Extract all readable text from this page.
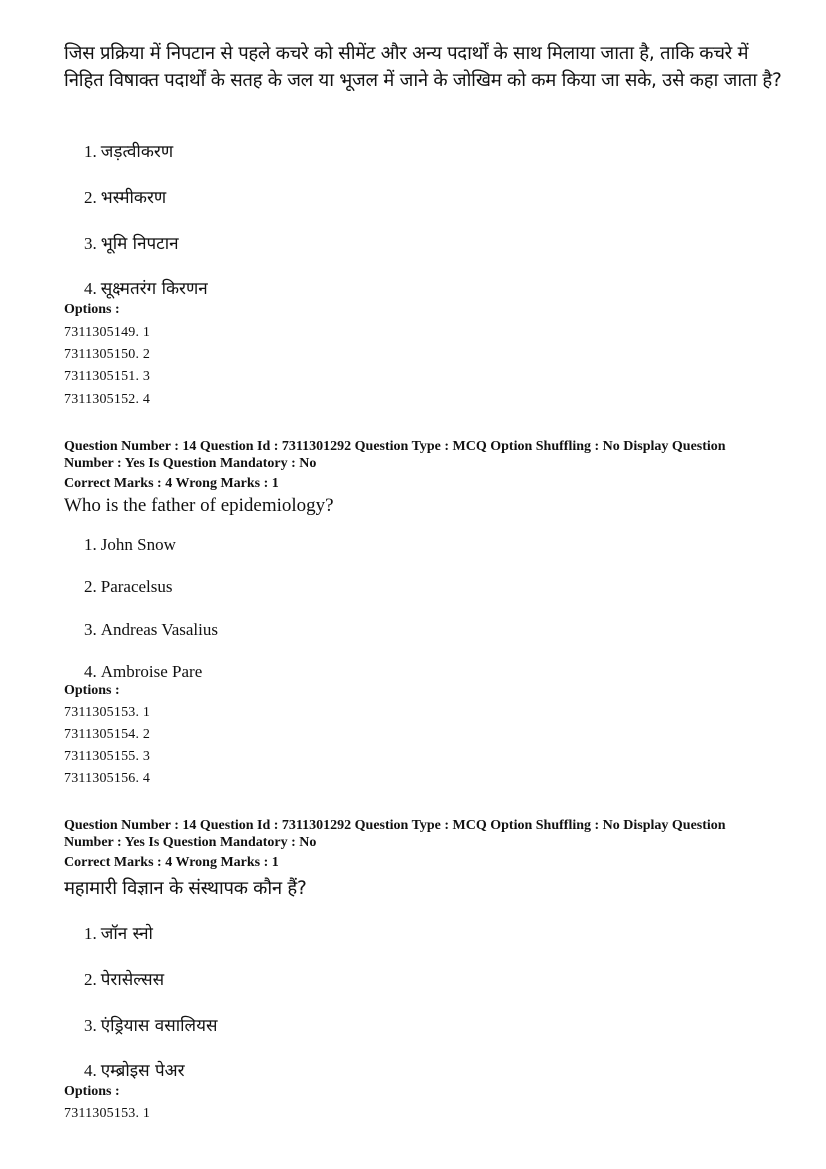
जिस प्रक्रिया में निपटान से पहले कचरे को सीमेंट और अन्य पदार्थों के साथ मिलाया जाता है, ताकि कचरे में निहित विषाक्त पदार्थों के सतह के जल या भूजल में जाने के जोखिम को कम किया जा सके, उसे कहा जाता है?
1. जड़त्वीकरण
2. भस्मीकरण
3. भूमि निपटान
4. सूक्ष्मतरंग किरणन
Options :
7311305149. 1
7311305150. 2
7311305151. 3
7311305152. 4
Question Number : 14 Question Id : 7311301292 Question Type : MCQ Option Shuffling : No Display Question
Number : Yes Is Question Mandatory : No
Correct Marks : 4 Wrong Marks : 1
Who is the father of epidemiology?
1. John Snow
2. Paracelsus
3. Andreas Vasalius
4. Ambroise Pare
Options :
7311305153. 1
7311305154. 2
7311305155. 3
7311305156. 4
Question Number : 14 Question Id : 7311301292 Question Type : MCQ Option Shuffling : No Display Question
Number : Yes Is Question Mandatory : No
Correct Marks : 4 Wrong Marks : 1
महामारी विज्ञान के संस्थापक कौन हैं?
1. जॉन स्नो
2. पेरासेल्सस
3. एंड्रियास वसालियस
4. एम्ब्रोइस पेअर
Options :
7311305153. 1
